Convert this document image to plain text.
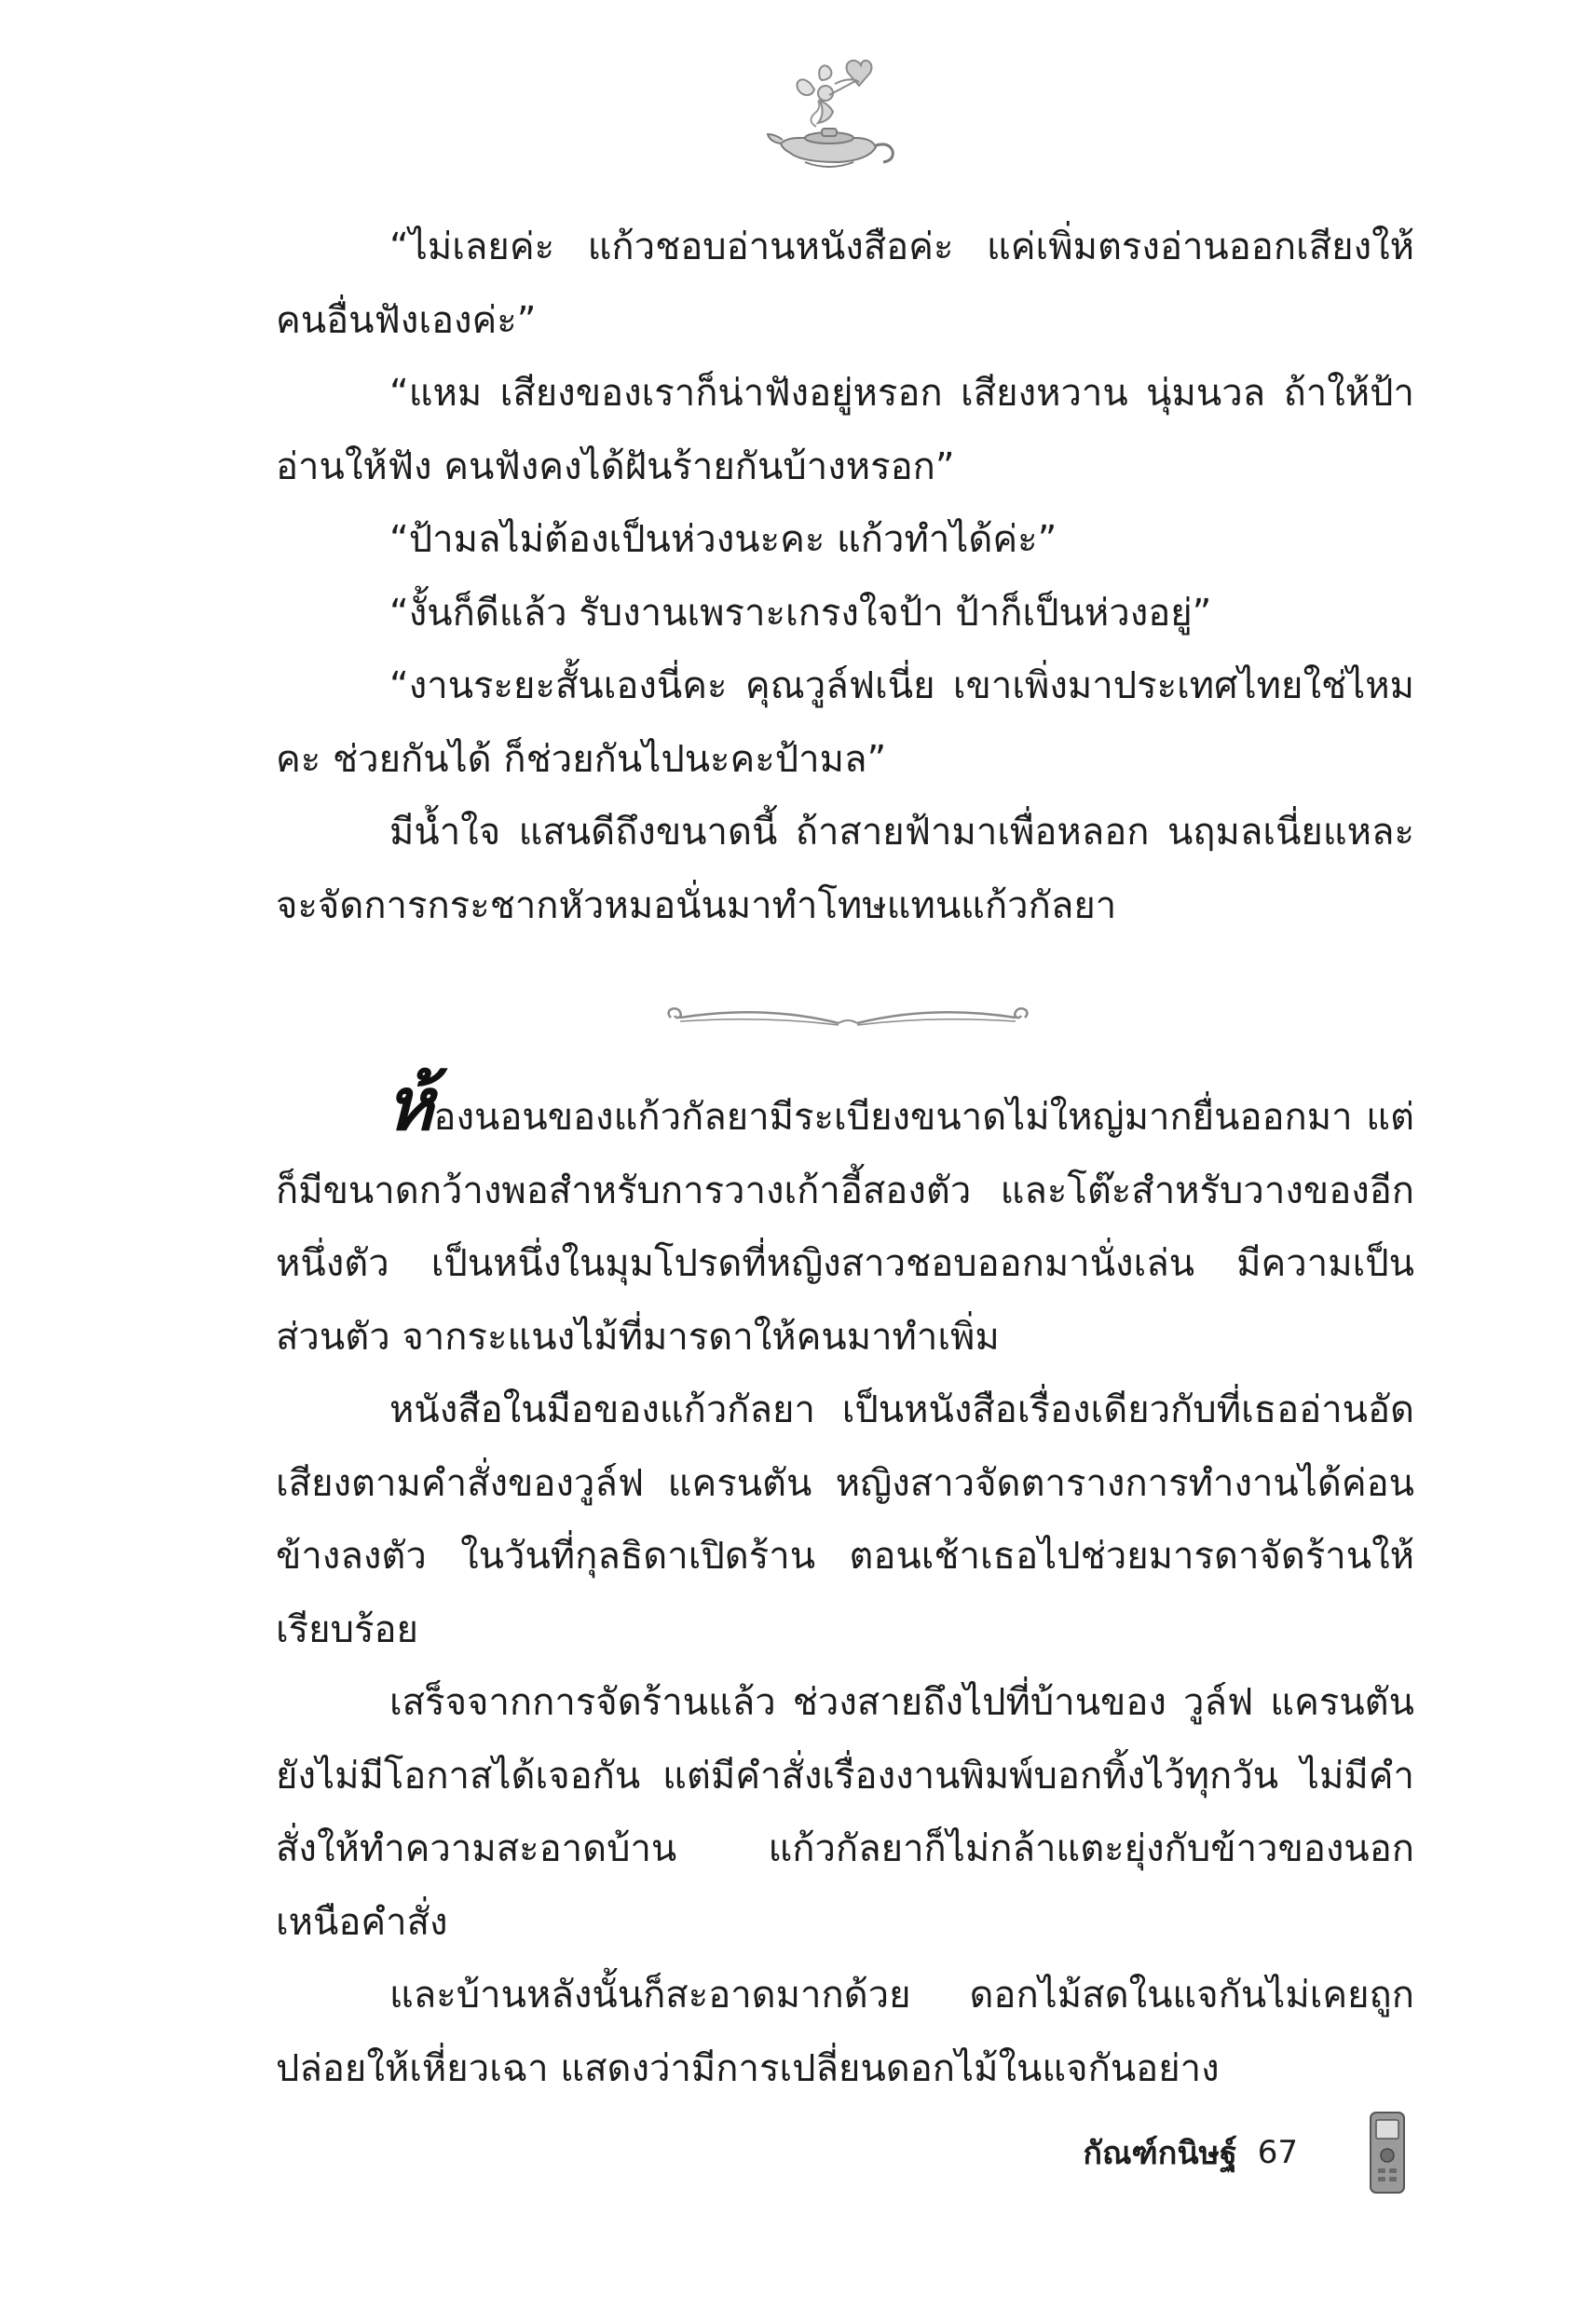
“ไม่เลยค่ะ แก้วชอบอ่านหนังสือค่ะ แค่เพิ่มตรงอ่านออกเสียงให้คนอื่นฟังเองค่ะ”

“แหม เสียงของเราก็น่าฟังอยู่หรอก เสียงหวาน นุ่มนวล ถ้าให้ป้าอ่านให้ฟัง คนฟังคงได้ฝันร้ายกันบ้างหรอก”

“ป้ามลไม่ต้องเป็นห่วงนะคะ แก้วทำได้ค่ะ”

“งั้นก็ดีแล้ว รับงานเพราะเกรงใจป้า ป้าก็เป็นห่วงอยู่”

“งานระยะสั้นเองนี่คะ คุณวูล์ฟเนี่ย เขาเพิ่งมาประเทศไทยใช่ไหมคะ ช่วยกันได้ ก็ช่วยกันไปนะคะป้ามล”

มีน้ำใจ แสนดีถึงขนาดนี้ ถ้าสายฟ้ามาเพื่อหลอก นฤมลเนี่ยแหละจะจัดการกระชากหัวหมอนั่นมาทำโทษแทนแก้วกัลยา

ห้องนอนของแก้วกัลยามีระเบียงขนาดไม่ใหญ่มากยื่นออกมา แต่ก็มีขนาดกว้างพอสำหรับการวางเก้าอี้สองตัว และโต๊ะสำหรับวางของอีกหนึ่งตัว เป็นหนึ่งในมุมโปรดที่หญิงสาวชอบออกมานั่งเล่น มีความเป็นส่วนตัว จากระแนงไม้ที่มารดาให้คนมาทำเพิ่ม

หนังสือในมือของแก้วกัลยา เป็นหนังสือเรื่องเดียวกับที่เธออ่านอัดเสียงตามคำสั่งของวูล์ฟ แครนตัน หญิงสาวจัดตารางการทำงานได้ค่อนข้างลงตัว ในวันที่กุลธิดาเปิดร้าน ตอนเช้าเธอไปช่วยมารดาจัดร้านให้เรียบร้อย

เสร็จจากการจัดร้านแล้ว ช่วงสายถึงไปที่บ้านของ วูล์ฟ แครนตันยังไม่มีโอกาสได้เจอกัน แต่มีคำสั่งเรื่องงานพิมพ์บอกทิ้งไว้ทุกวัน ไม่มีคำสั่งให้ทำความสะอาดบ้าน แก้วกัลยาก็ไม่กล้าแตะยุ่งกับข้าวของนอกเหนือคำสั่ง

และบ้านหลังนั้นก็สะอาดมากด้วย ดอกไม้สดในแจกันไม่เคยถูกปล่อยให้เหี่ยวเฉา แสดงว่ามีการเปลี่ยนดอกไม้ในแจกันอย่าง

กัณฑ์กนิษฐ์ 67
